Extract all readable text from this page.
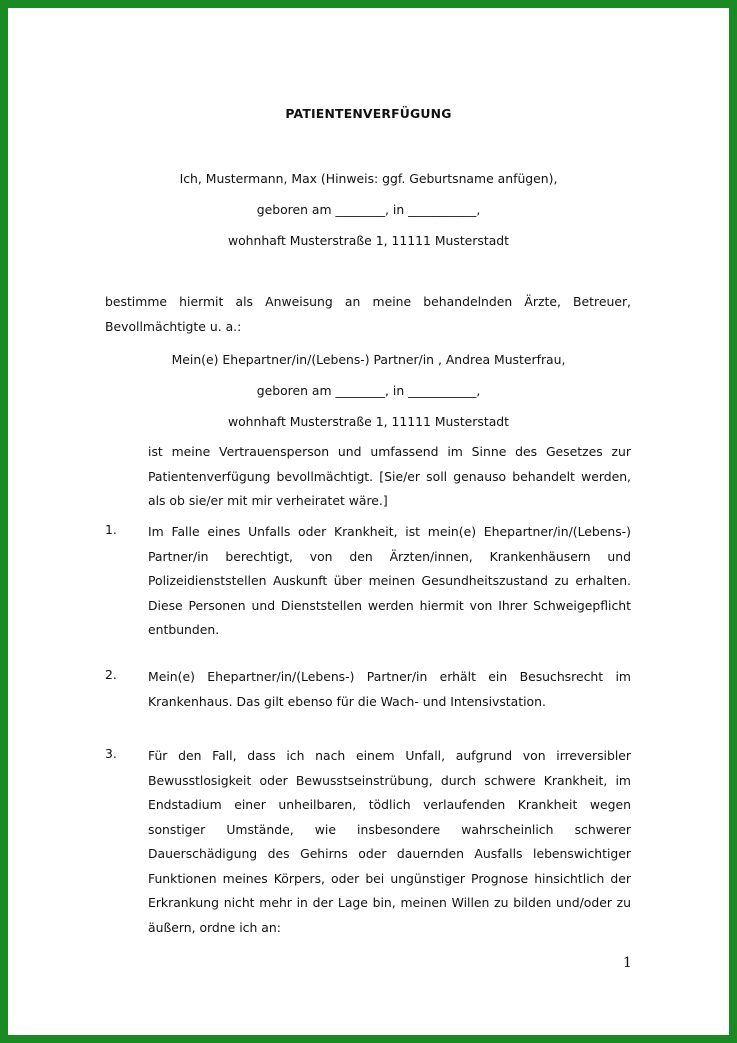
PATIENTENVERFÜGUNG
Ich, Mustermann, Max (Hinweis: ggf. Geburtsname anfügen),
geboren am ________, in ___________,
wohnhaft Musterstraße 1, 11111 Musterstadt
bestimme hiermit als Anweisung an meine behandelnden Ärzte, Betreuer, Bevollmächtigte u. a.:
Mein(e) Ehepartner/in/(Lebens-) Partner/in , Andrea Musterfrau,
geboren am ________, in ___________,
wohnhaft Musterstraße 1, 11111 Musterstadt
ist meine Vertrauensperson und umfassend im Sinne des Gesetzes zur Patientenverfügung bevollmächtigt. [Sie/er soll genauso behandelt werden, als ob sie/er mit mir verheiratet wäre.]
1.	Im Falle eines Unfalls oder Krankheit, ist mein(e) Ehepartner/in/(Lebens-) Partner/in berechtigt, von den Ärzten/innen, Krankenhäusern und Polizeidienststellen Auskunft über meinen Gesundheitszustand zu erhalten. Diese Personen und Dienststellen werden hiermit von Ihrer Schweigepflicht entbunden.
2.	Mein(e) Ehepartner/in/(Lebens-) Partner/in erhält ein Besuchsrecht im Krankenhaus. Das gilt ebenso für die Wach- und Intensivstation.
3.	Für den Fall, dass ich nach einem Unfall, aufgrund von irreversibler Bewusstlosigkeit oder Bewusstseinstrübung, durch schwere Krankheit, im Endstadium einer unheilbaren, tödlich verlaufenden Krankheit wegen sonstiger Umstände, wie insbesondere wahrscheinlich schwerer Dauerschädigung des Gehirns oder dauernden Ausfalls lebenswichtiger Funktionen meines Körpers, oder bei ungünstiger Prognose hinsichtlich der Erkrankung nicht mehr in der Lage bin, meinen Willen zu bilden und/oder zu äußern, ordne ich an:
1
